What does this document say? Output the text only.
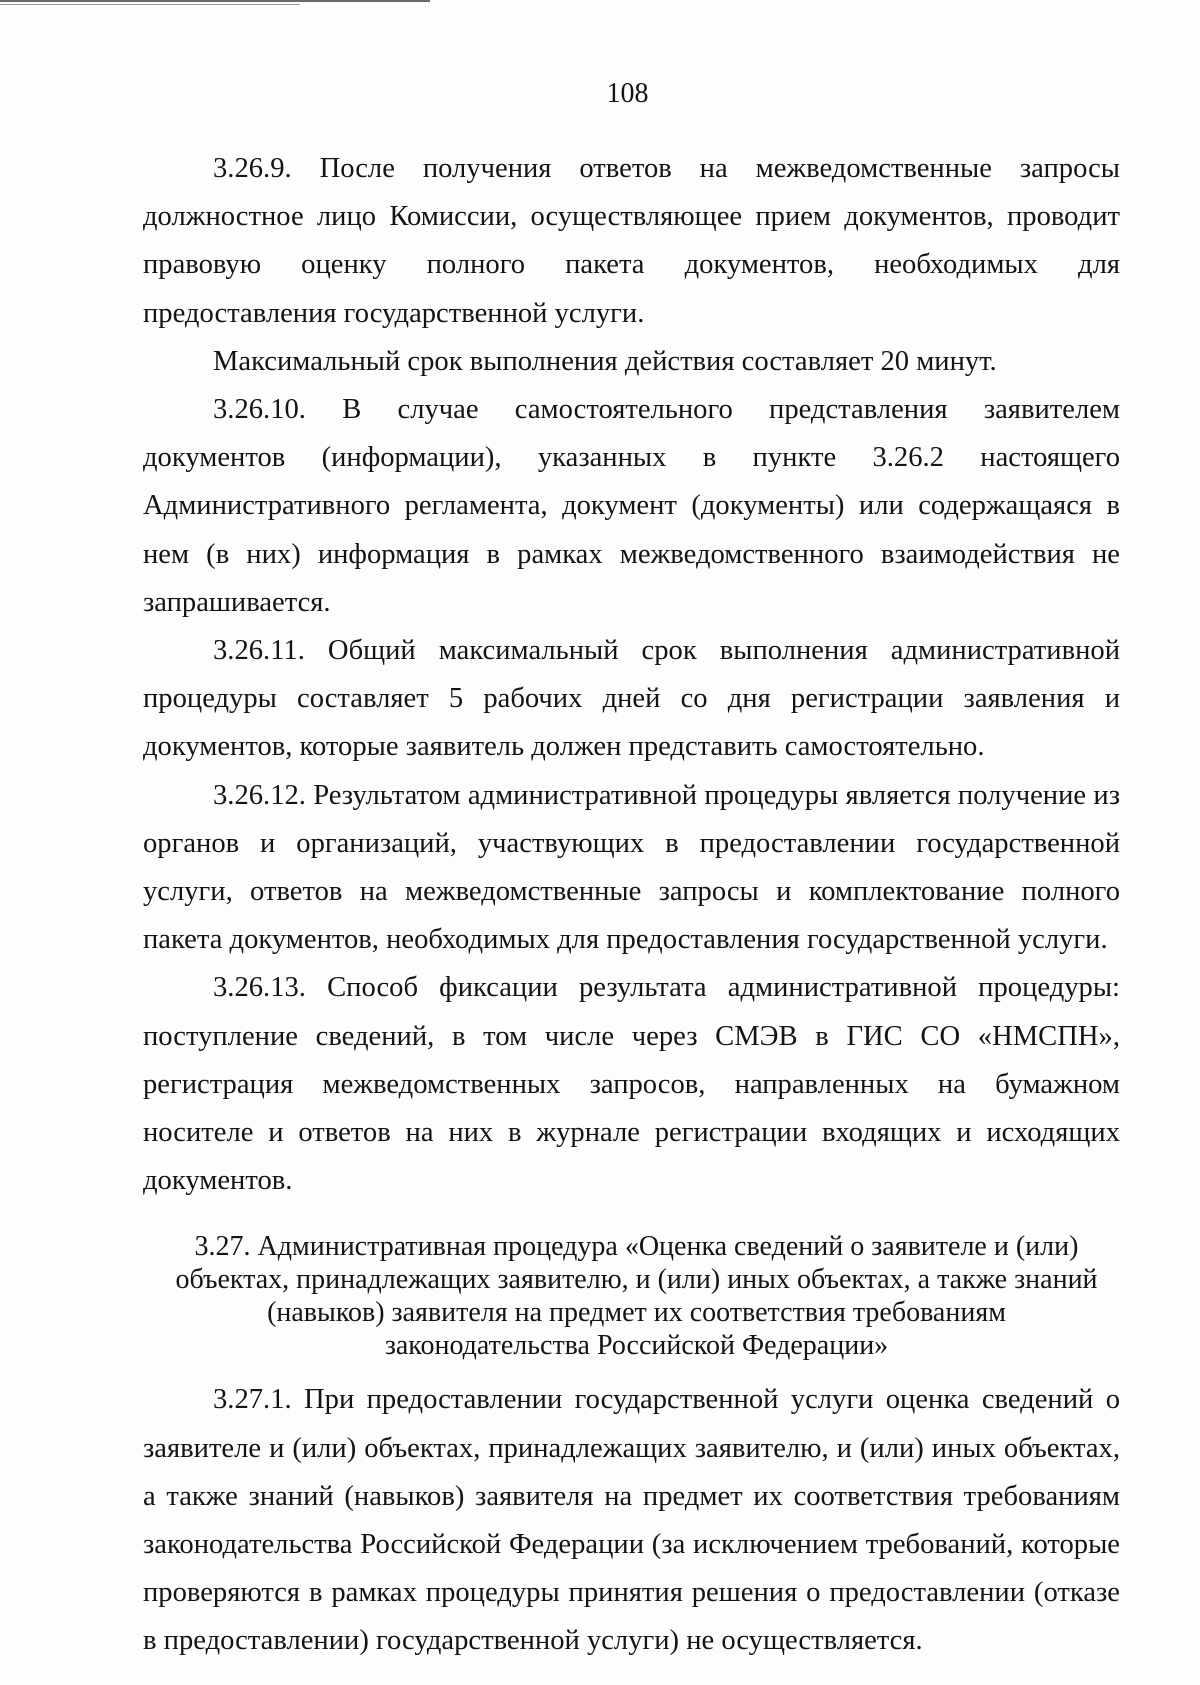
108

3.26.9. После получения ответов на межведомственные запросы должностное лицо Комиссии, осуществляющее прием документов, проводит правовую оценку полного пакета документов, необходимых для предоставления государственной услуги.

Максимальный срок выполнения действия составляет 20 минут.

3.26.10. В случае самостоятельного представления заявителем документов (информации), указанных в пункте 3.26.2 настоящего Административного регламента, документ (документы) или содержащаяся в нем (в них) информация в рамках межведомственного взаимодействия не запрашивается.

3.26.11. Общий максимальный срок выполнения административной процедуры составляет 5 рабочих дней со дня регистрации заявления и документов, которые заявитель должен представить самостоятельно.

3.26.12. Результатом административной процедуры является получение из органов и организаций, участвующих в предоставлении государственной услуги, ответов на межведомственные запросы и комплектование полного пакета документов, необходимых для предоставления государственной услуги.

3.26.13. Способ фиксации результата административной процедуры: поступление сведений, в том числе через СМЭВ в ГИС СО «НМСПН», регистрация межведомственных запросов, направленных на бумажном носителе и ответов на них в журнале регистрации входящих и исходящих документов.

3.27. Административная процедура «Оценка сведений о заявителе и (или) объектах, принадлежащих заявителю, и (или) иных объектах, а также знаний (навыков) заявителя на предмет их соответствия требованиям законодательства Российской Федерации»

3.27.1. При предоставлении государственной услуги оценка сведений о заявителе и (или) объектах, принадлежащих заявителю, и (или) иных объектах, а также знаний (навыков) заявителя на предмет их соответствия требованиям законодательства Российской Федерации (за исключением требований, которые проверяются в рамках процедуры принятия решения о предоставлении (отказе в предоставлении) государственной услуги) не осуществляется.
